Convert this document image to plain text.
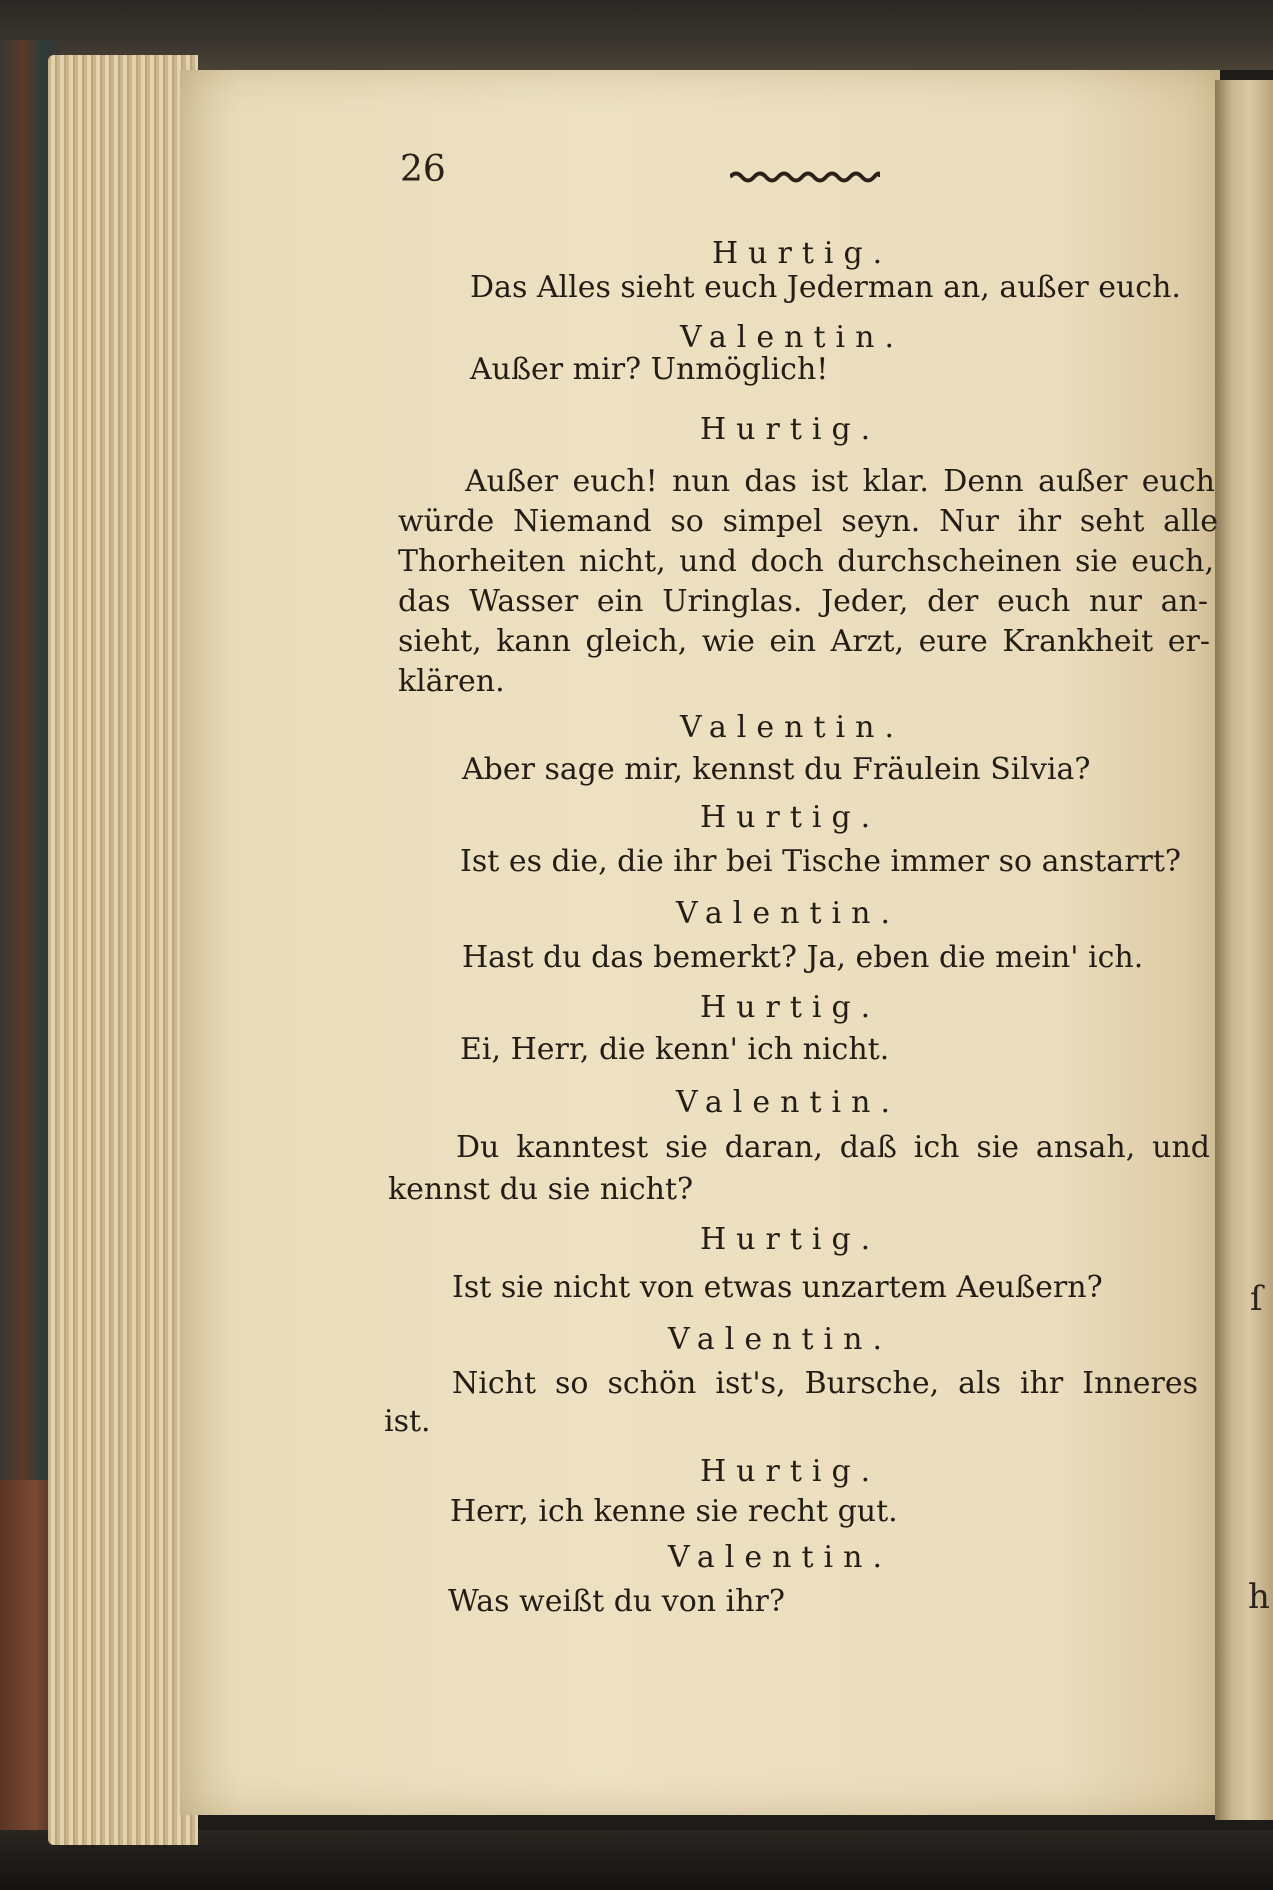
ſ
h
26
Hurtig.
Das Alles sieht euch Jederman an, außer euch.
Valentin.
Außer mir? Unmöglich!
Hurtig.
Außer euch! nun das ist klar. Denn außer euch
würde Niemand so simpel seyn. Nur ihr seht alle
Thorheiten nicht, und doch durchscheinen sie euch,
das Wasser ein Uringlas. Jeder, der euch nur an-
sieht, kann gleich, wie ein Arzt, eure Krankheit er-
klären.
Valentin.
Aber sage mir, kennst du Fräulein Silvia?
Hurtig.
Ist es die, die ihr bei Tische immer so anstarrt?
Valentin.
Hast du das bemerkt? Ja, eben die mein' ich.
Hurtig.
Ei, Herr, die kenn' ich nicht.
Valentin.
Du kanntest sie daran, daß ich sie ansah, und
kennst du sie nicht?
Hurtig.
Ist sie nicht von etwas unzartem Aeußern?
Valentin.
Nicht so schön ist's, Bursche, als ihr Inneres
ist.
Hurtig.
Herr, ich kenne sie recht gut.
Valentin.
Was weißt du von ihr?
